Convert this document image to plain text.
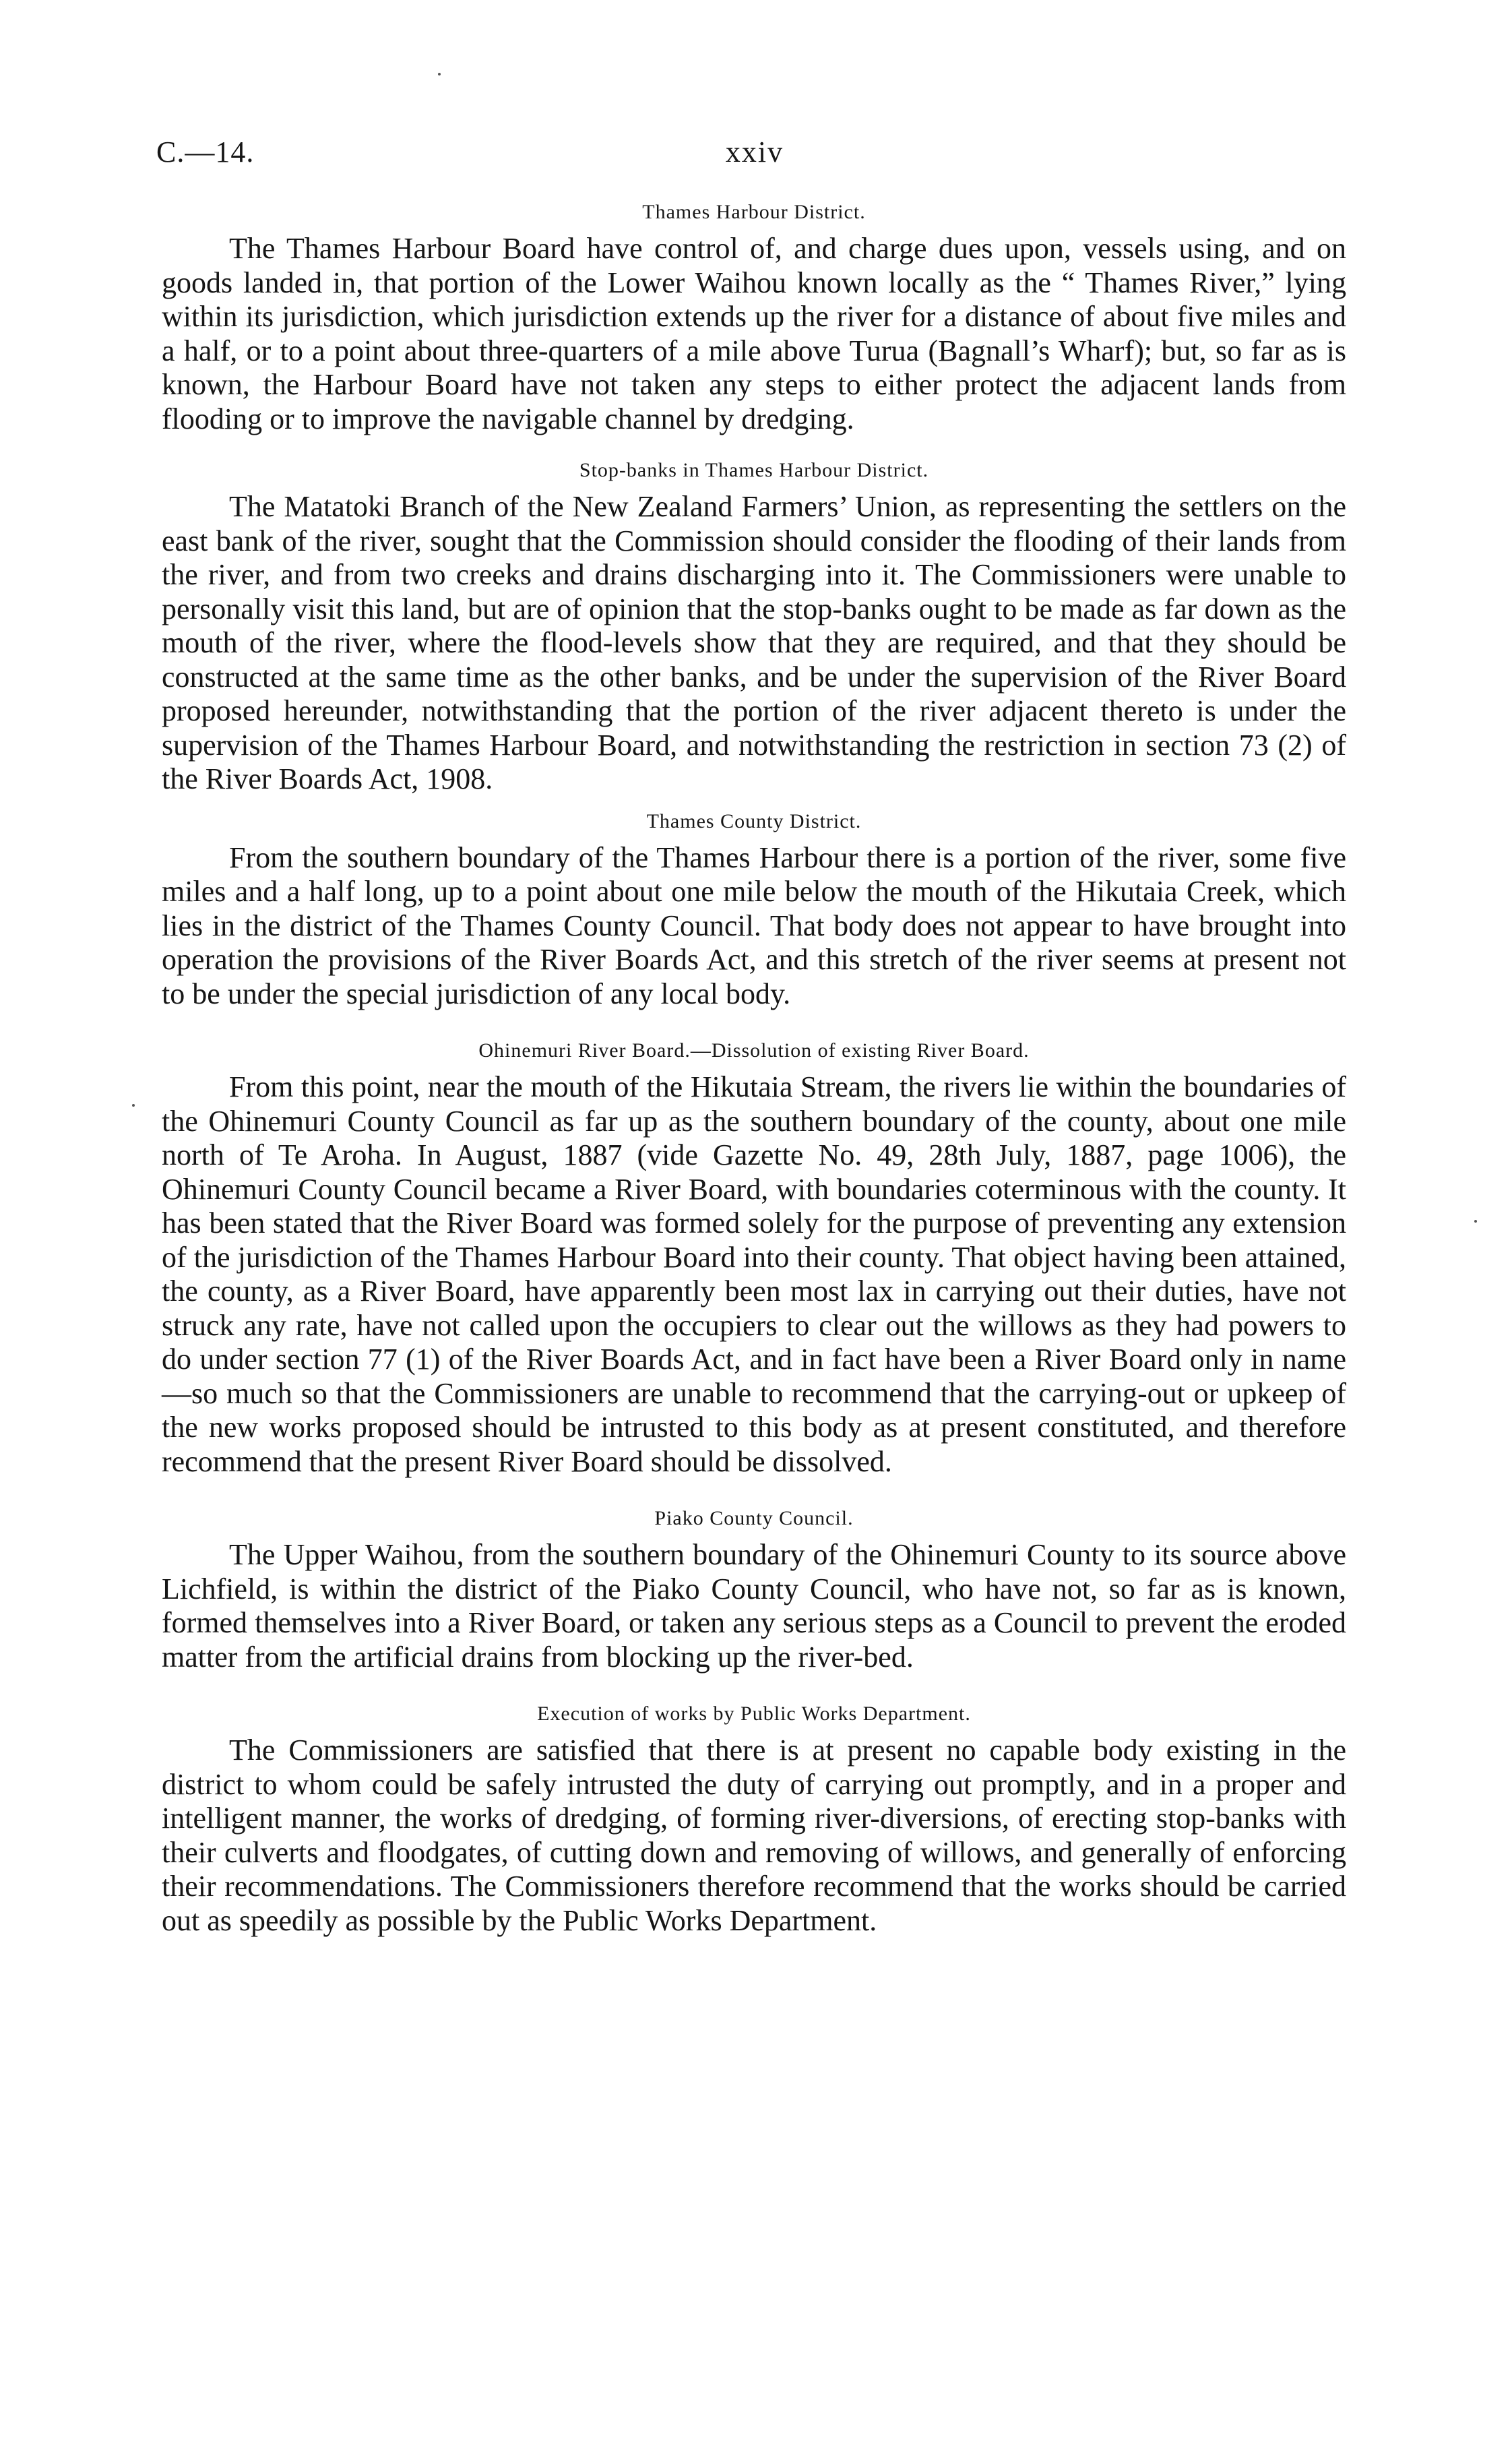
C.—14.	xxiv
Thames Harbour District.

The Thames Harbour Board have control of, and charge dues upon, vessels using, and on goods landed in, that portion of the Lower Waihou known locally as the “ Thames River,” lying within its jurisdiction, which jurisdiction extends up the river for a distance of about five miles and a half, or to a point about three-quarters of a mile above Turua (Bagnall’s Wharf); but, so far as is known, the Harbour Board have not taken any steps to either protect the adjacent lands from flooding or to improve the navigable channel by dredging.

Stop-banks in Thames Harbour District.

The Matatoki Branch of the New Zealand Farmers’ Union, as representing the settlers on the east bank of the river, sought that the Commission should consider the flooding of their lands from the river, and from two creeks and drains discharging into it. The Commissioners were unable to personally visit this land, but are of opinion that the stop-banks ought to be made as far down as the mouth of the river, where the flood-levels show that they are required, and that they should be constructed at the same time as the other banks, and be under the supervision of the River Board proposed hereunder, notwithstanding that the portion of the river adjacent thereto is under the supervision of the Thames Harbour Board, and notwithstanding the restriction in section 73 (2) of the River Boards Act, 1908.

Thames County District.

From the southern boundary of the Thames Harbour there is a portion of the river, some five miles and a half long, up to a point about one mile below the mouth of the Hikutaia Creek, which lies in the district of the Thames County Council. That body does not appear to have brought into operation the provisions of the River Boards Act, and this stretch of the river seems at present not to be under the special jurisdiction of any local body.

Ohinemuri River Board.—Dissolution of existing River Board.

From this point, near the mouth of the Hikutaia Stream, the rivers lie within the boundaries of the Ohinemuri County Council as far up as the southern boundary of the county, about one mile north of Te Aroha. In August, 1887 (vide Gazette No. 49, 28th July, 1887, page 1006), the Ohinemuri County Council became a River Board, with boundaries coterminous with the county. It has been stated that the River Board was formed solely for the purpose of preventing any extension of the jurisdiction of the Thames Harbour Board into their county. That object having been attained, the county, as a River Board, have apparently been most lax in carrying out their duties, have not struck any rate, have not called upon the occupiers to clear out the willows as they had powers to do under section 77 (1) of the River Boards Act, and in fact have been a River Board only in name—so much so that the Commissioners are unable to recommend that the carrying-out or upkeep of the new works proposed should be intrusted to this body as at present constituted, and therefore recommend that the present River Board should be dissolved.

Piako County Council.

The Upper Waihou, from the southern boundary of the Ohinemuri County to its source above Lichfield, is within the district of the Piako County Council, who have not, so far as is known, formed themselves into a River Board, or taken any serious steps as a Council to prevent the eroded matter from the artificial drains from blocking up the river-bed.

Execution of works by Public Works Department.

The Commissioners are satisfied that there is at present no capable body existing in the district to whom could be safely intrusted the duty of carrying out promptly, and in a proper and intelligent manner, the works of dredging, of forming river-diversions, of erecting stop-banks with their culverts and floodgates, of cutting down and removing of willows, and generally of enforcing their recommendations. The Commissioners therefore recommend that the works should be carried out as speedily as possible by the Public Works Department.
